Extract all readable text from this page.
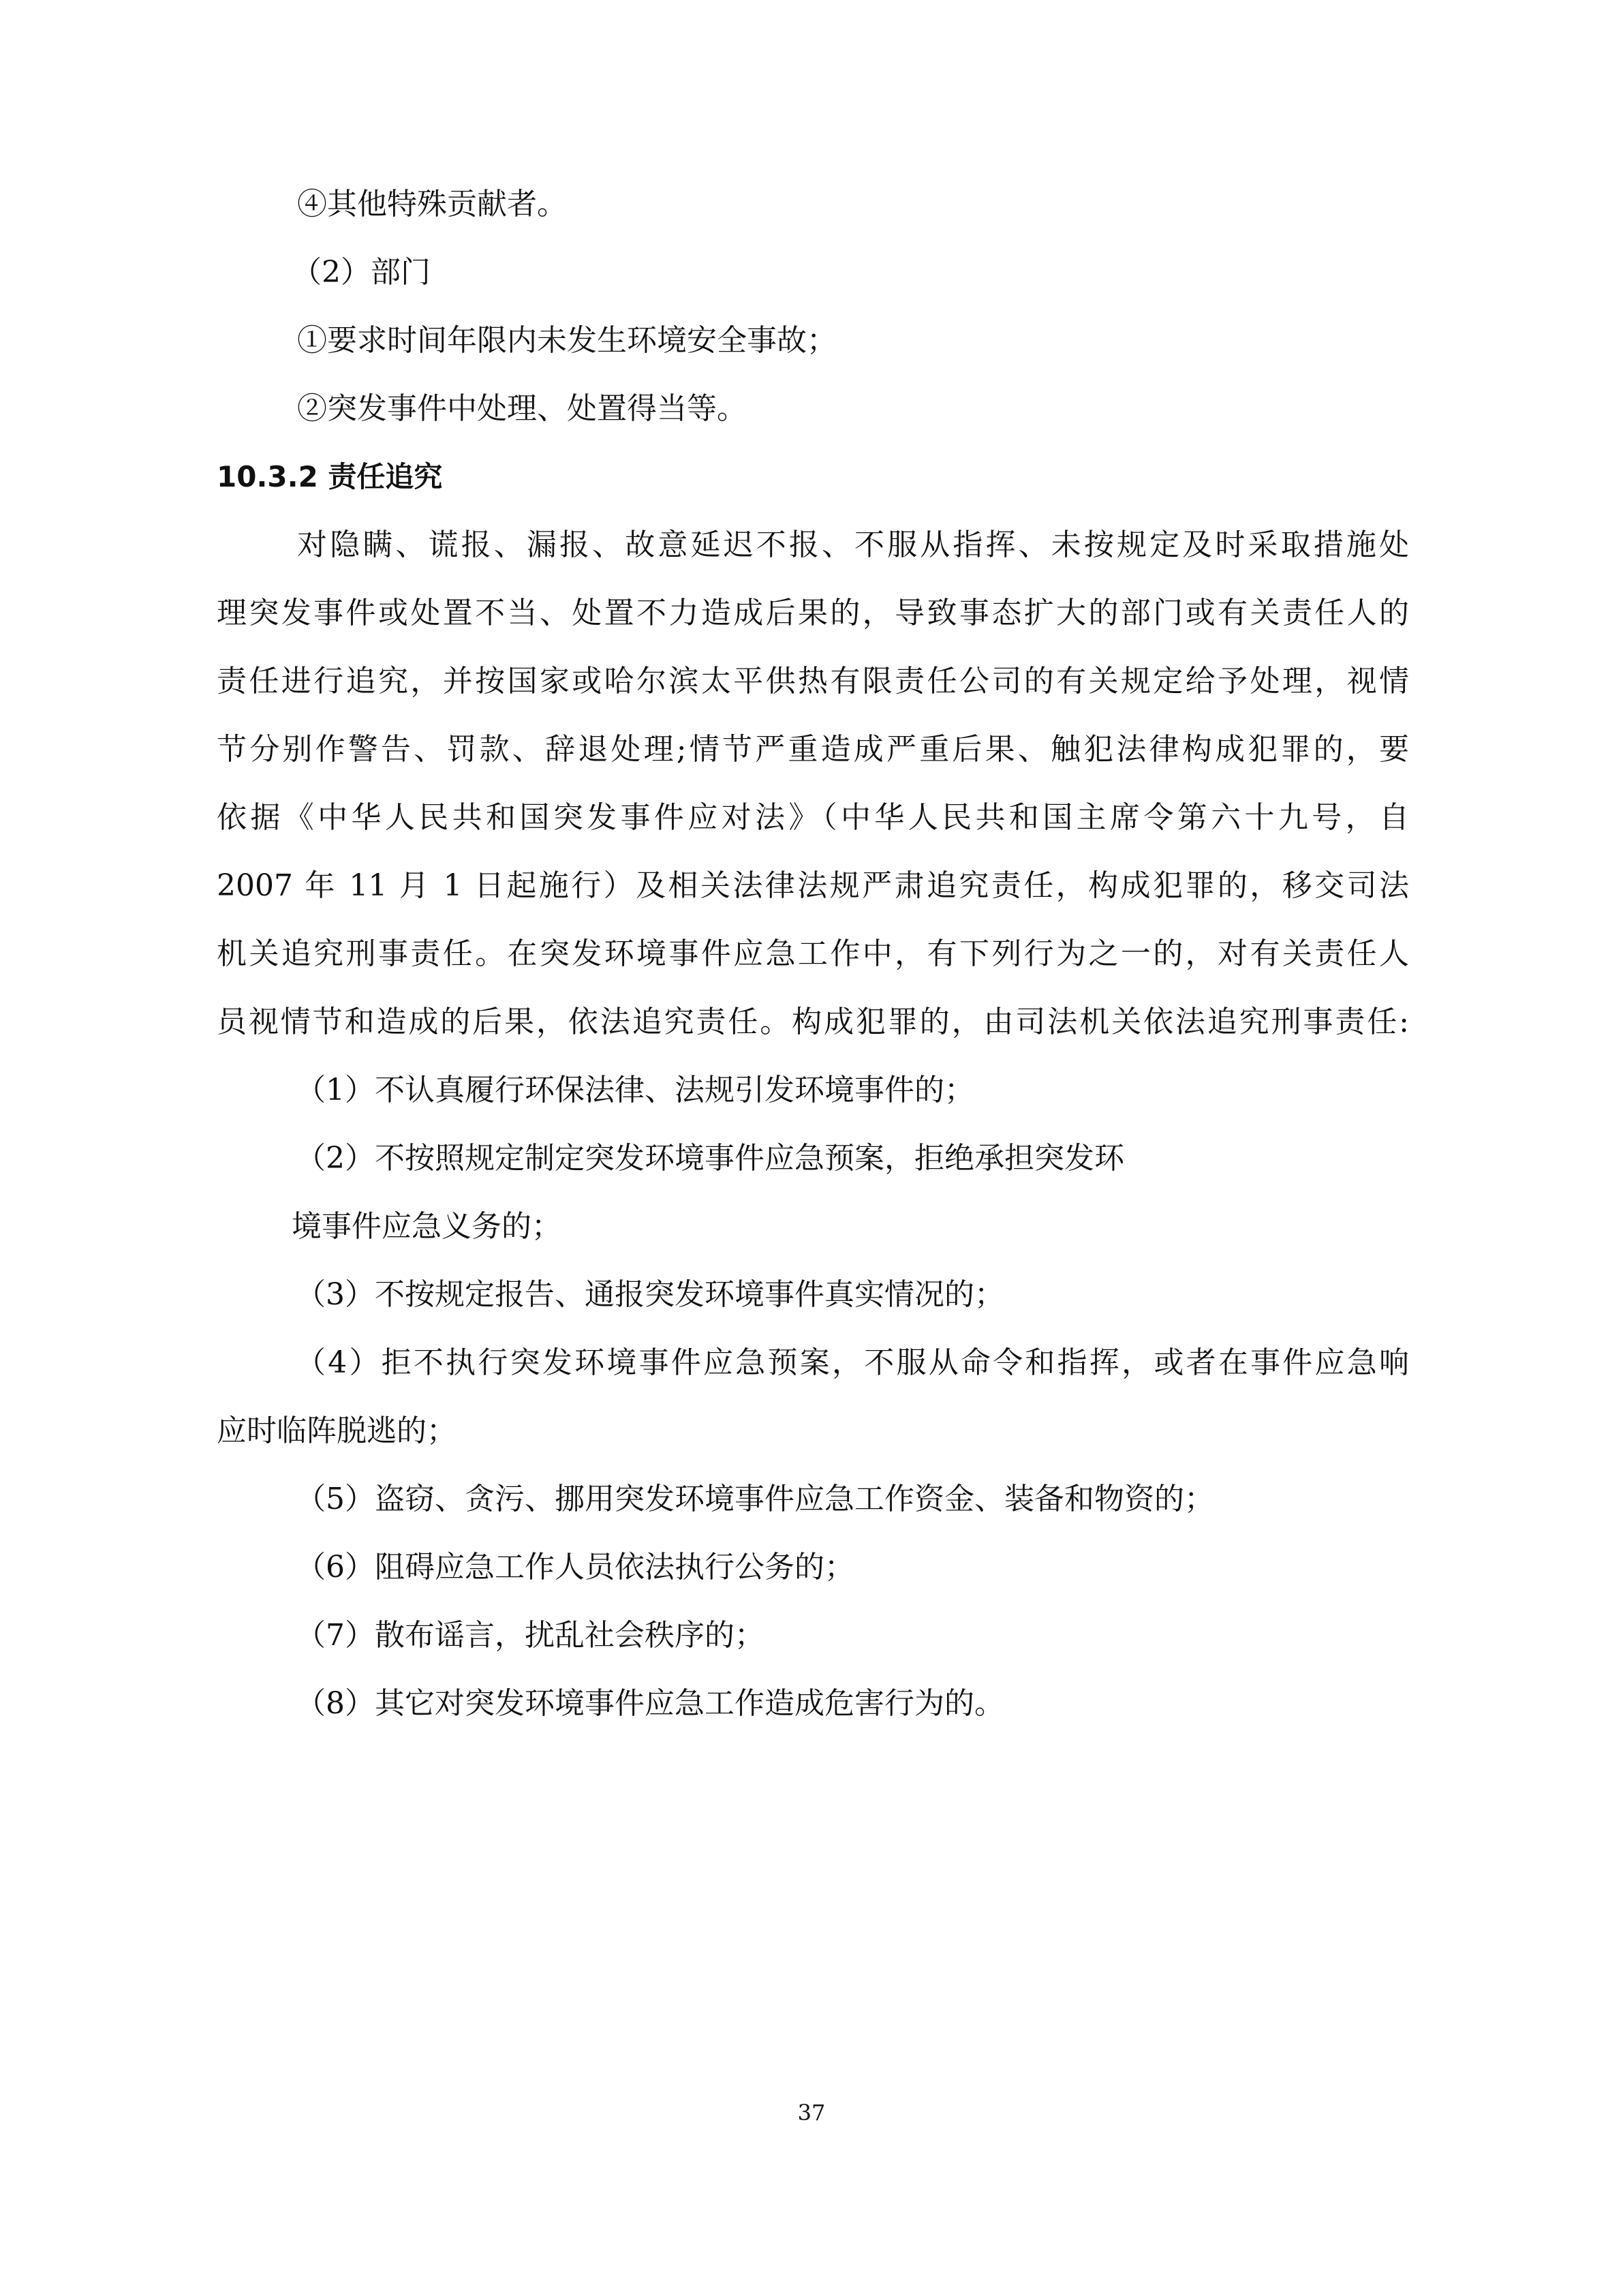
④其他特殊贡献者。

（2）部门

①要求时间年限内未发生环境安全事故；

②突发事件中处理、处置得当等。

10.3.2 责任追究

对隐瞒、谎报、漏报、故意延迟不报、不服从指挥、未按规定及时采取措施处

理突发事件或处置不当、处置不力造成后果的，导致事态扩大的部门或有关责任人的

责任进行追究，并按国家或哈尔滨太平供热有限责任公司的有关规定给予处理，视情

节分别作警告、罚款、辞退处理;情节严重造成严重后果、触犯法律构成犯罪的，要

依据《中华人民共和国突发事件应对法》（中华人民共和国主席令第六十九号，自

2007 年 11 月 1 日起施行）及相关法律法规严肃追究责任，构成犯罪的，移交司法

机关追究刑事责任。在突发环境事件应急工作中，有下列行为之一的，对有关责任人

员视情节和造成的后果，依法追究责任。构成犯罪的，由司法机关依法追究刑事责任:

（1）不认真履行环保法律、法规引发环境事件的；

（2）不按照规定制定突发环境事件应急预案，拒绝承担突发环

境事件应急义务的；

（3）不按规定报告、通报突发环境事件真实情况的；

（4）拒不执行突发环境事件应急预案，不服从命令和指挥，或者在事件应急响

应时临阵脱逃的；

（5）盗窃、贪污、挪用突发环境事件应急工作资金、装备和物资的；

（6）阻碍应急工作人员依法执行公务的；

（7）散布谣言，扰乱社会秩序的；

（8）其它对突发环境事件应急工作造成危害行为的。

37
